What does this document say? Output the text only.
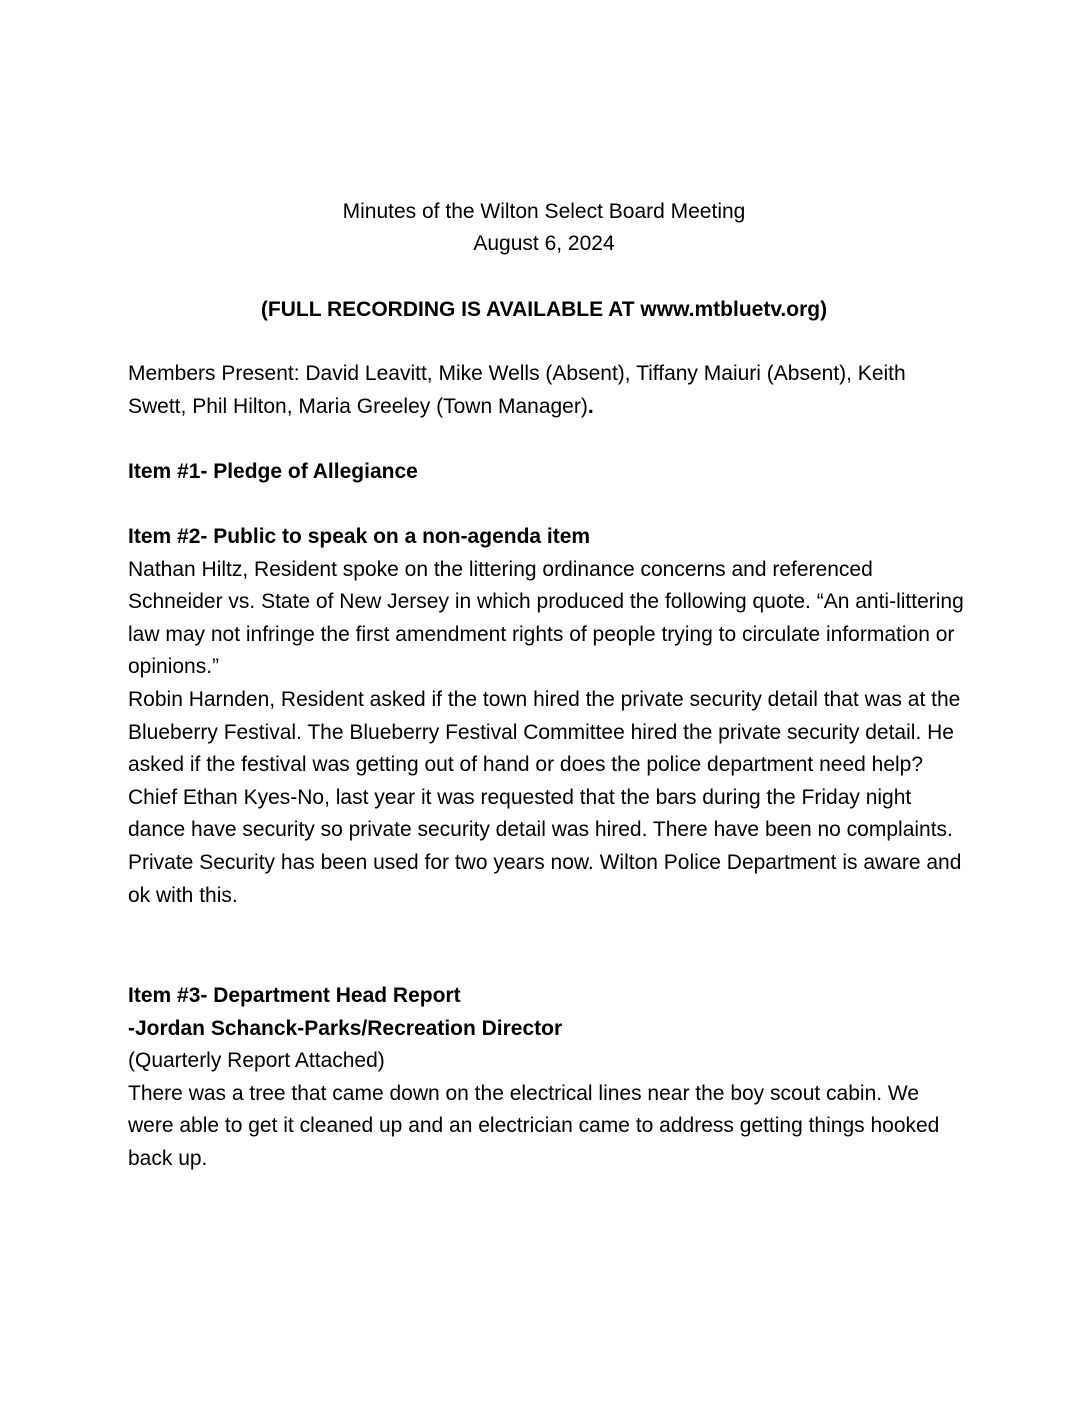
Minutes of the Wilton Select Board Meeting
August 6, 2024
(FULL RECORDING IS AVAILABLE AT www.mtbluetv.org)

Members Present: David Leavitt, Mike Wells (Absent), Tiffany Maiuri (Absent), Keith Swett, Phil Hilton, Maria Greeley (Town Manager).

Item #1- Pledge of Allegiance

Item #2- Public to speak on a non-agenda item

Nathan Hiltz, Resident spoke on the littering ordinance concerns and referenced Schneider vs. State of New Jersey in which produced the following quote. “An anti-littering law may not infringe the first amendment rights of people trying to circulate information or opinions.”

Robin Harnden, Resident asked if the town hired the private security detail that was at the Blueberry Festival. The Blueberry Festival Committee hired the private security detail. He asked if the festival was getting out of hand or does the police department need help?

Chief Ethan Kyes-No, last year it was requested that the bars during the Friday night dance have security so private security detail was hired. There have been no complaints. Private Security has been used for two years now. Wilton Police Department is aware and ok with this.

Item #3- Department Head Report

-Jordan Schanck-Parks/Recreation Director

(Quarterly Report Attached)

There was a tree that came down on the electrical lines near the boy scout cabin. We were able to get it cleaned up and an electrician came to address getting things hooked back up.
